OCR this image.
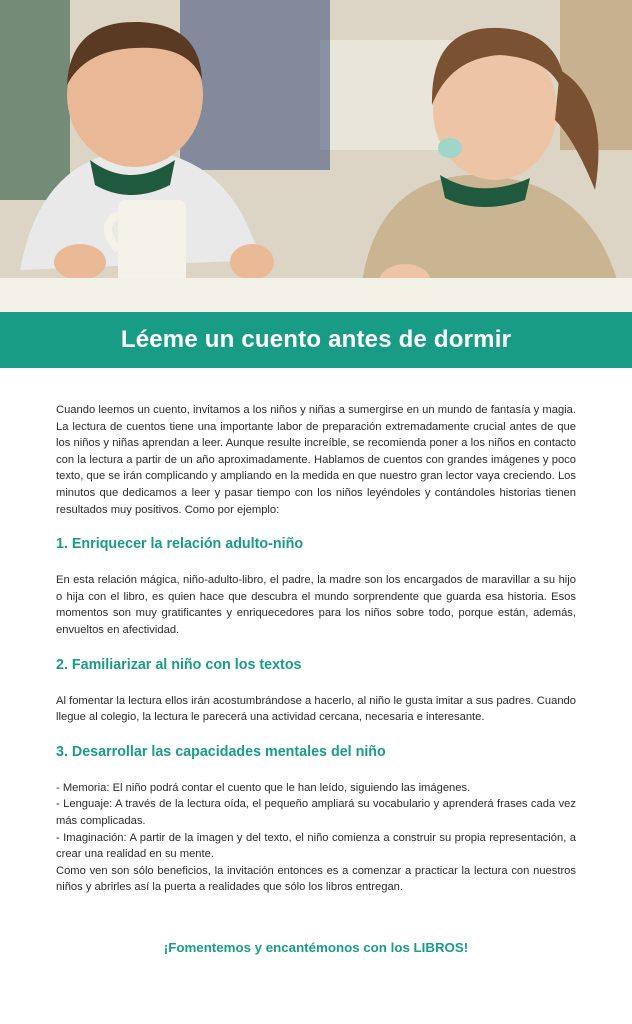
Léeme un cuento antes de dormir

Cuando leemos un cuento, invitamos a los niños y niñas a sumergirse en un mundo de fantasía y magia. La lectura de cuentos tiene una importante labor de preparación extremadamente crucial antes de que los niños y niñas aprendan a leer. Aunque resulte increíble, se recomienda poner a los niños en contacto con la lectura a partir de un año aproximadamente. Hablamos de cuentos con grandes imágenes y poco texto, que se irán complicando y ampliando en la medida en que nuestro gran lector vaya creciendo. Los minutos que dedicamos a leer y pasar tiempo con los niños leyéndoles y contándoles historias tienen resultados muy positivos. Como por ejemplo:

1. Enriquecer la relación adulto-niño

En esta relación mágica, niño-adulto-libro, el padre, la madre son los encargados de maravillar a su hijo o hija con el libro, es quien hace que descubra el mundo sorprendente que guarda esa historia. Esos momentos son muy gratificantes y enriquecedores para los niños sobre todo, porque están, además, envueltos en afectividad.

2. Familiarizar al niño con los textos

Al fomentar la lectura ellos irán acostumbrándose a hacerlo, al niño le gusta imitar a sus padres. Cuando llegue al colegio, la lectura le parecerá una actividad cercana, necesaria e interesante.

3. Desarrollar las capacidades mentales del niño

- Memoria: El niño podrá contar el cuento que le han leído, siguiendo las imágenes.
- Lenguaje: A través de la lectura oída, el pequeño ampliará su vocabulario y aprenderá frases cada vez más complicadas.
- Imaginación: A partir de la imagen y del texto, el niño comienza a construir su propia representación, a crear una realidad en su mente.
Como ven son sólo beneficios, la invitación entonces es a comenzar a practicar la lectura con nuestros niños y abrirles así la puerta a realidades que sólo los libros entregan.

¡Fomentemos y encantémonos con los LIBROS!
